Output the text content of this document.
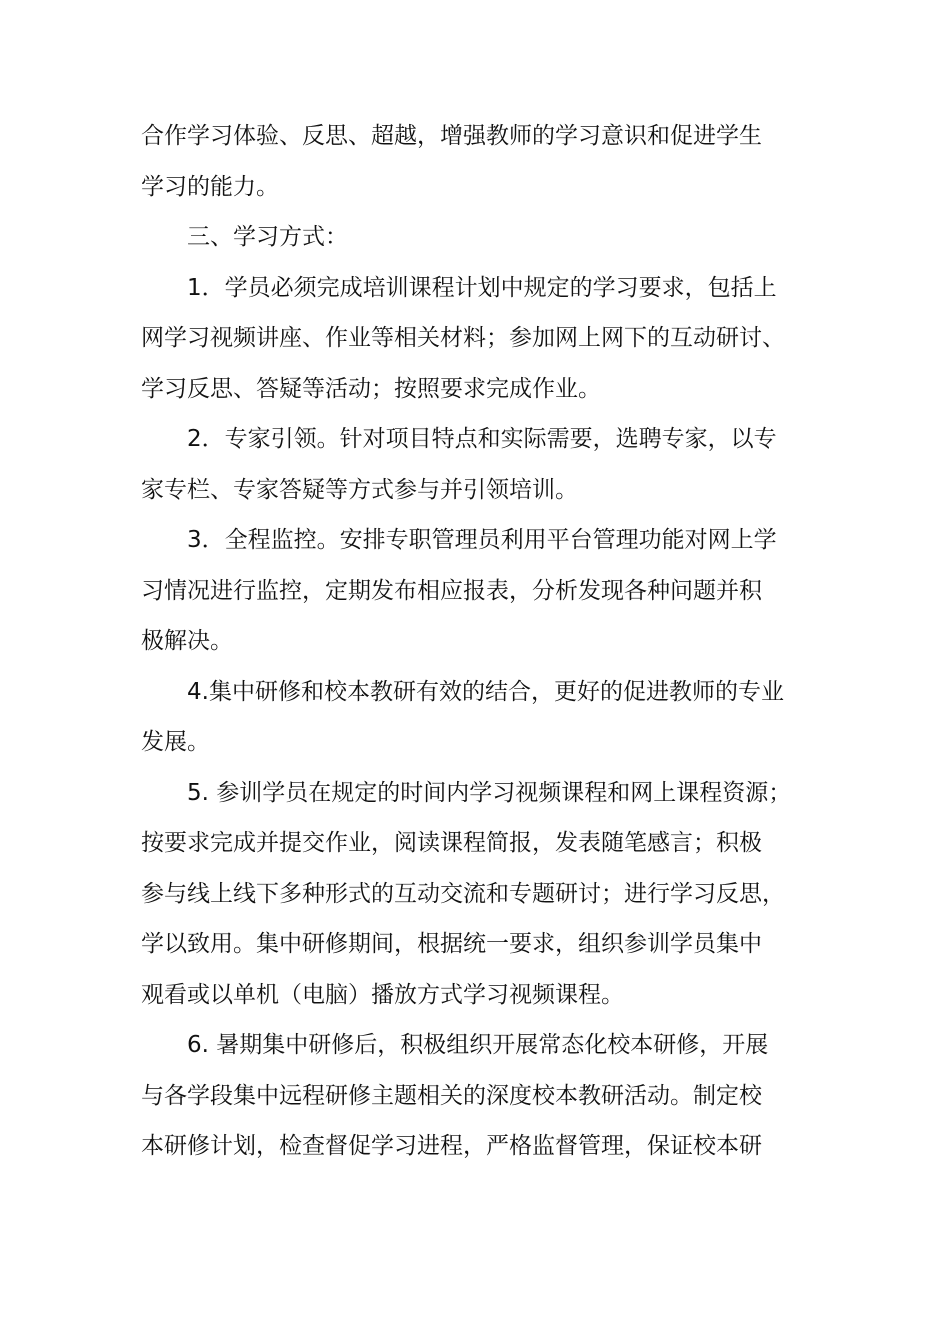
合作学习体验、反思、超越，增强教师的学习意识和促进学生
学习的能力。
三、学习方式：
1．学员必须完成培训课程计划中规定的学习要求，包括上
网学习视频讲座、作业等相关材料；参加网上网下的互动研讨、
学习反思、答疑等活动；按照要求完成作业。
2．专家引领。针对项目特点和实际需要，选聘专家，以专
家专栏、专家答疑等方式参与并引领培训。
3．全程监控。安排专职管理员利用平台管理功能对网上学
习情况进行监控，定期发布相应报表，分析发现各种问题并积
极解决。
4.集中研修和校本教研有效的结合，更好的促进教师的专业
发展。
5. 参训学员在规定的时间内学习视频课程和网上课程资源；
按要求完成并提交作业，阅读课程简报，发表随笔感言；积极
参与线上线下多种形式的互动交流和专题研讨；进行学习反思，
学以致用。集中研修期间，根据统一要求，组织参训学员集中
观看或以单机（电脑）播放方式学习视频课程。
6. 暑期集中研修后，积极组织开展常态化校本研修，开展
与各学段集中远程研修主题相关的深度校本教研活动。制定校
本研修计划，检查督促学习进程，严格监督管理，保证校本研
